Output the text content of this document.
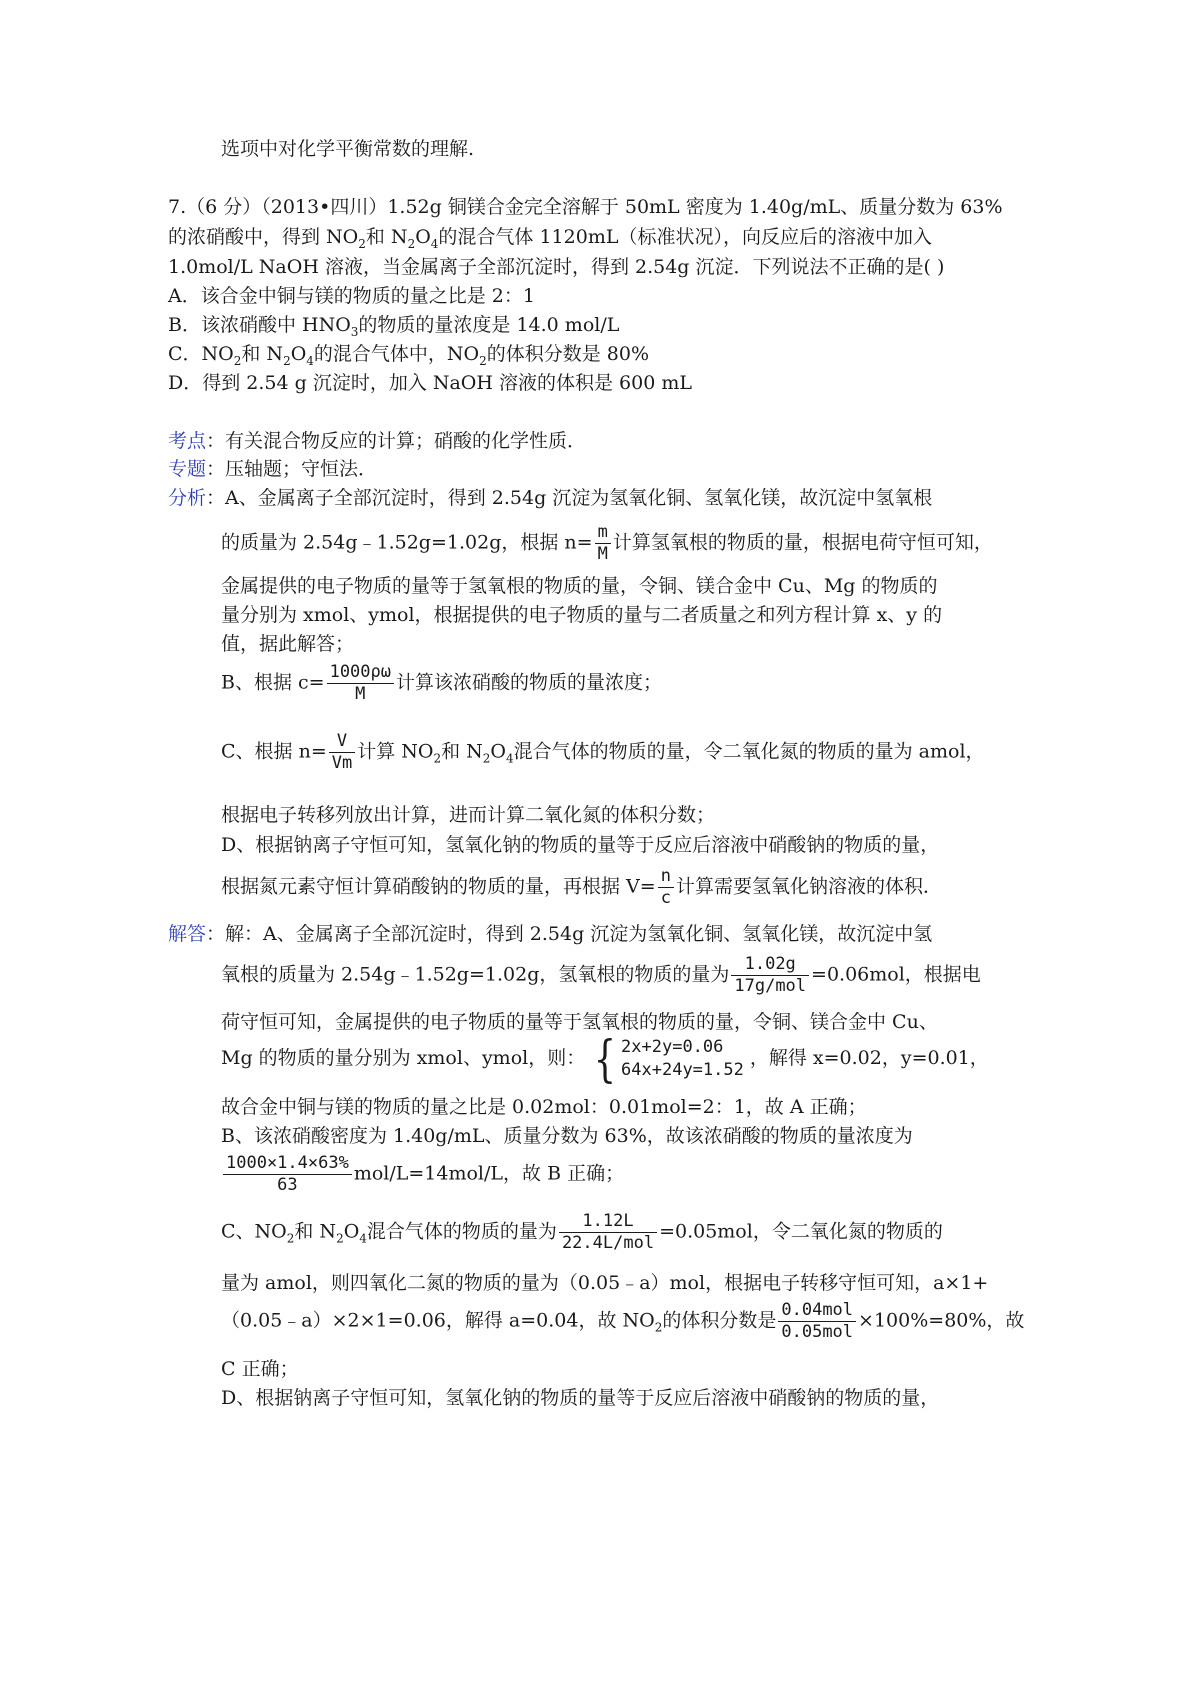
选项中对化学平衡常数的理解.
7.（6 分）（2013•四川）1.52g 铜镁合金完全溶解于 50mL 密度为 1.40g/mL、质量分数为 63%
的浓硝酸中，得到 $NO_2$和 $N_2O_4$的混合气体 1120mL（标准状况），向反应后的溶液中加入
1.0mol/L NaOH 溶液，当金属离子全部沉淀时，得到 2.54g 沉淀．下列说法不正确的是( )
A．该合金中铜与镁的物质的量之比是 2：1
B．该浓硝酸中 $HNO_3$的物质的量浓度是 14.0 mol/L
C．$NO_2$和 $N_2O_4$的混合气体中，$NO_2$的体积分数是 80%
D．得到 2.54 g 沉淀时，加入 NaOH 溶液的体积是 600 mL
考点：有关混合物反应的计算；硝酸的化学性质．
专题：压轴题；守恒法．
分析：A、金属离子全部沉淀时，得到 2.54g 沉淀为氢氧化铜、氢氧化镁，故沉淀中氢氧根
的质量为 2.54g﹣1.52g=1.02g，根据 $n= \frac{m}{M}$ 计算氢氧根的物质的量，根据电荷守恒可知，
金属提供的电子物质的量等于氢氧根的物质的量，令铜、镁合金中 Cu、Mg 的物质的
量分别为 xmol、ymol，根据提供的电子物质的量与二者质量之和列方程计算 x、y 的
值，据此解答；
B、根据 $c= \frac{1000\rho\omega}{M}$ 计算该浓硝酸的物质的量浓度；
C、根据 $n= \frac{V}{Vm}$ 计算 $NO_2$和 $N_2O_4$混合气体的物质的量，令二氧化氮的物质的量为 amol，
根据电子转移列放出计算，进而计算二氧化氮的体积分数；
D、根据钠离子守恒可知，氢氧化钠的物质的量等于反应后溶液中硝酸钠的物质的量，
根据氮元素守恒计算硝酸钠的物质的量，再根据 $V= \frac{n}{c}$ 计算需要氢氧化钠溶液的体积．
解答：解：A、金属离子全部沉淀时，得到 2.54g 沉淀为氢氧化铜、氢氧化镁，故沉淀中氢
氧根的质量为 2.54g﹣1.52g=1.02g，氢氧根的物质的量为 $\frac{1.02g}{\text{17g/mol}} =0.06mol$，根据电
荷守恒可知，金属提供的电子物质的量等于氢氧根的物质的量，令铜、镁合金中 Cu、
Mg 的物质的量分别为 xmol、ymol，则： { 2x+2y=0.06
64x+24y=1.52
，解得 x=0.02，y=0.01，
故合金中铜与镁的物质的量之比是 0.02mol：0.01mol=2：1，故 A 正确；
B、该浓硝酸密度为 1.40g/mL、质量分数为 63%，故该浓硝酸的物质的量浓度为
$\frac{1000\times 1.4\times 63\%}{63} mol/L=14mol/L$，故 B 正确；
C、$NO_2$和 $N_2O_4$混合气体的物质的量为 $\frac{1.12L}{\text{22.4L/mol}} =0.05mol$，令二氧化氮的物质的
量为 amol，则四氧化二氮的物质的量为（0.05﹣a）mol，根据电子转移守恒可知，a×1+
（0.05﹣a）×2×1=0.06，解得 a=0.04，故 $NO_2$的体积分数是 $\frac{\text{0.04mol}}{\text{0.05mol}} \times 100\%=80\%$，故
C 正确；
D、根据钠离子守恒可知，氢氧化钠的物质的量等于反应后溶液中硝酸钠的物质的量，
